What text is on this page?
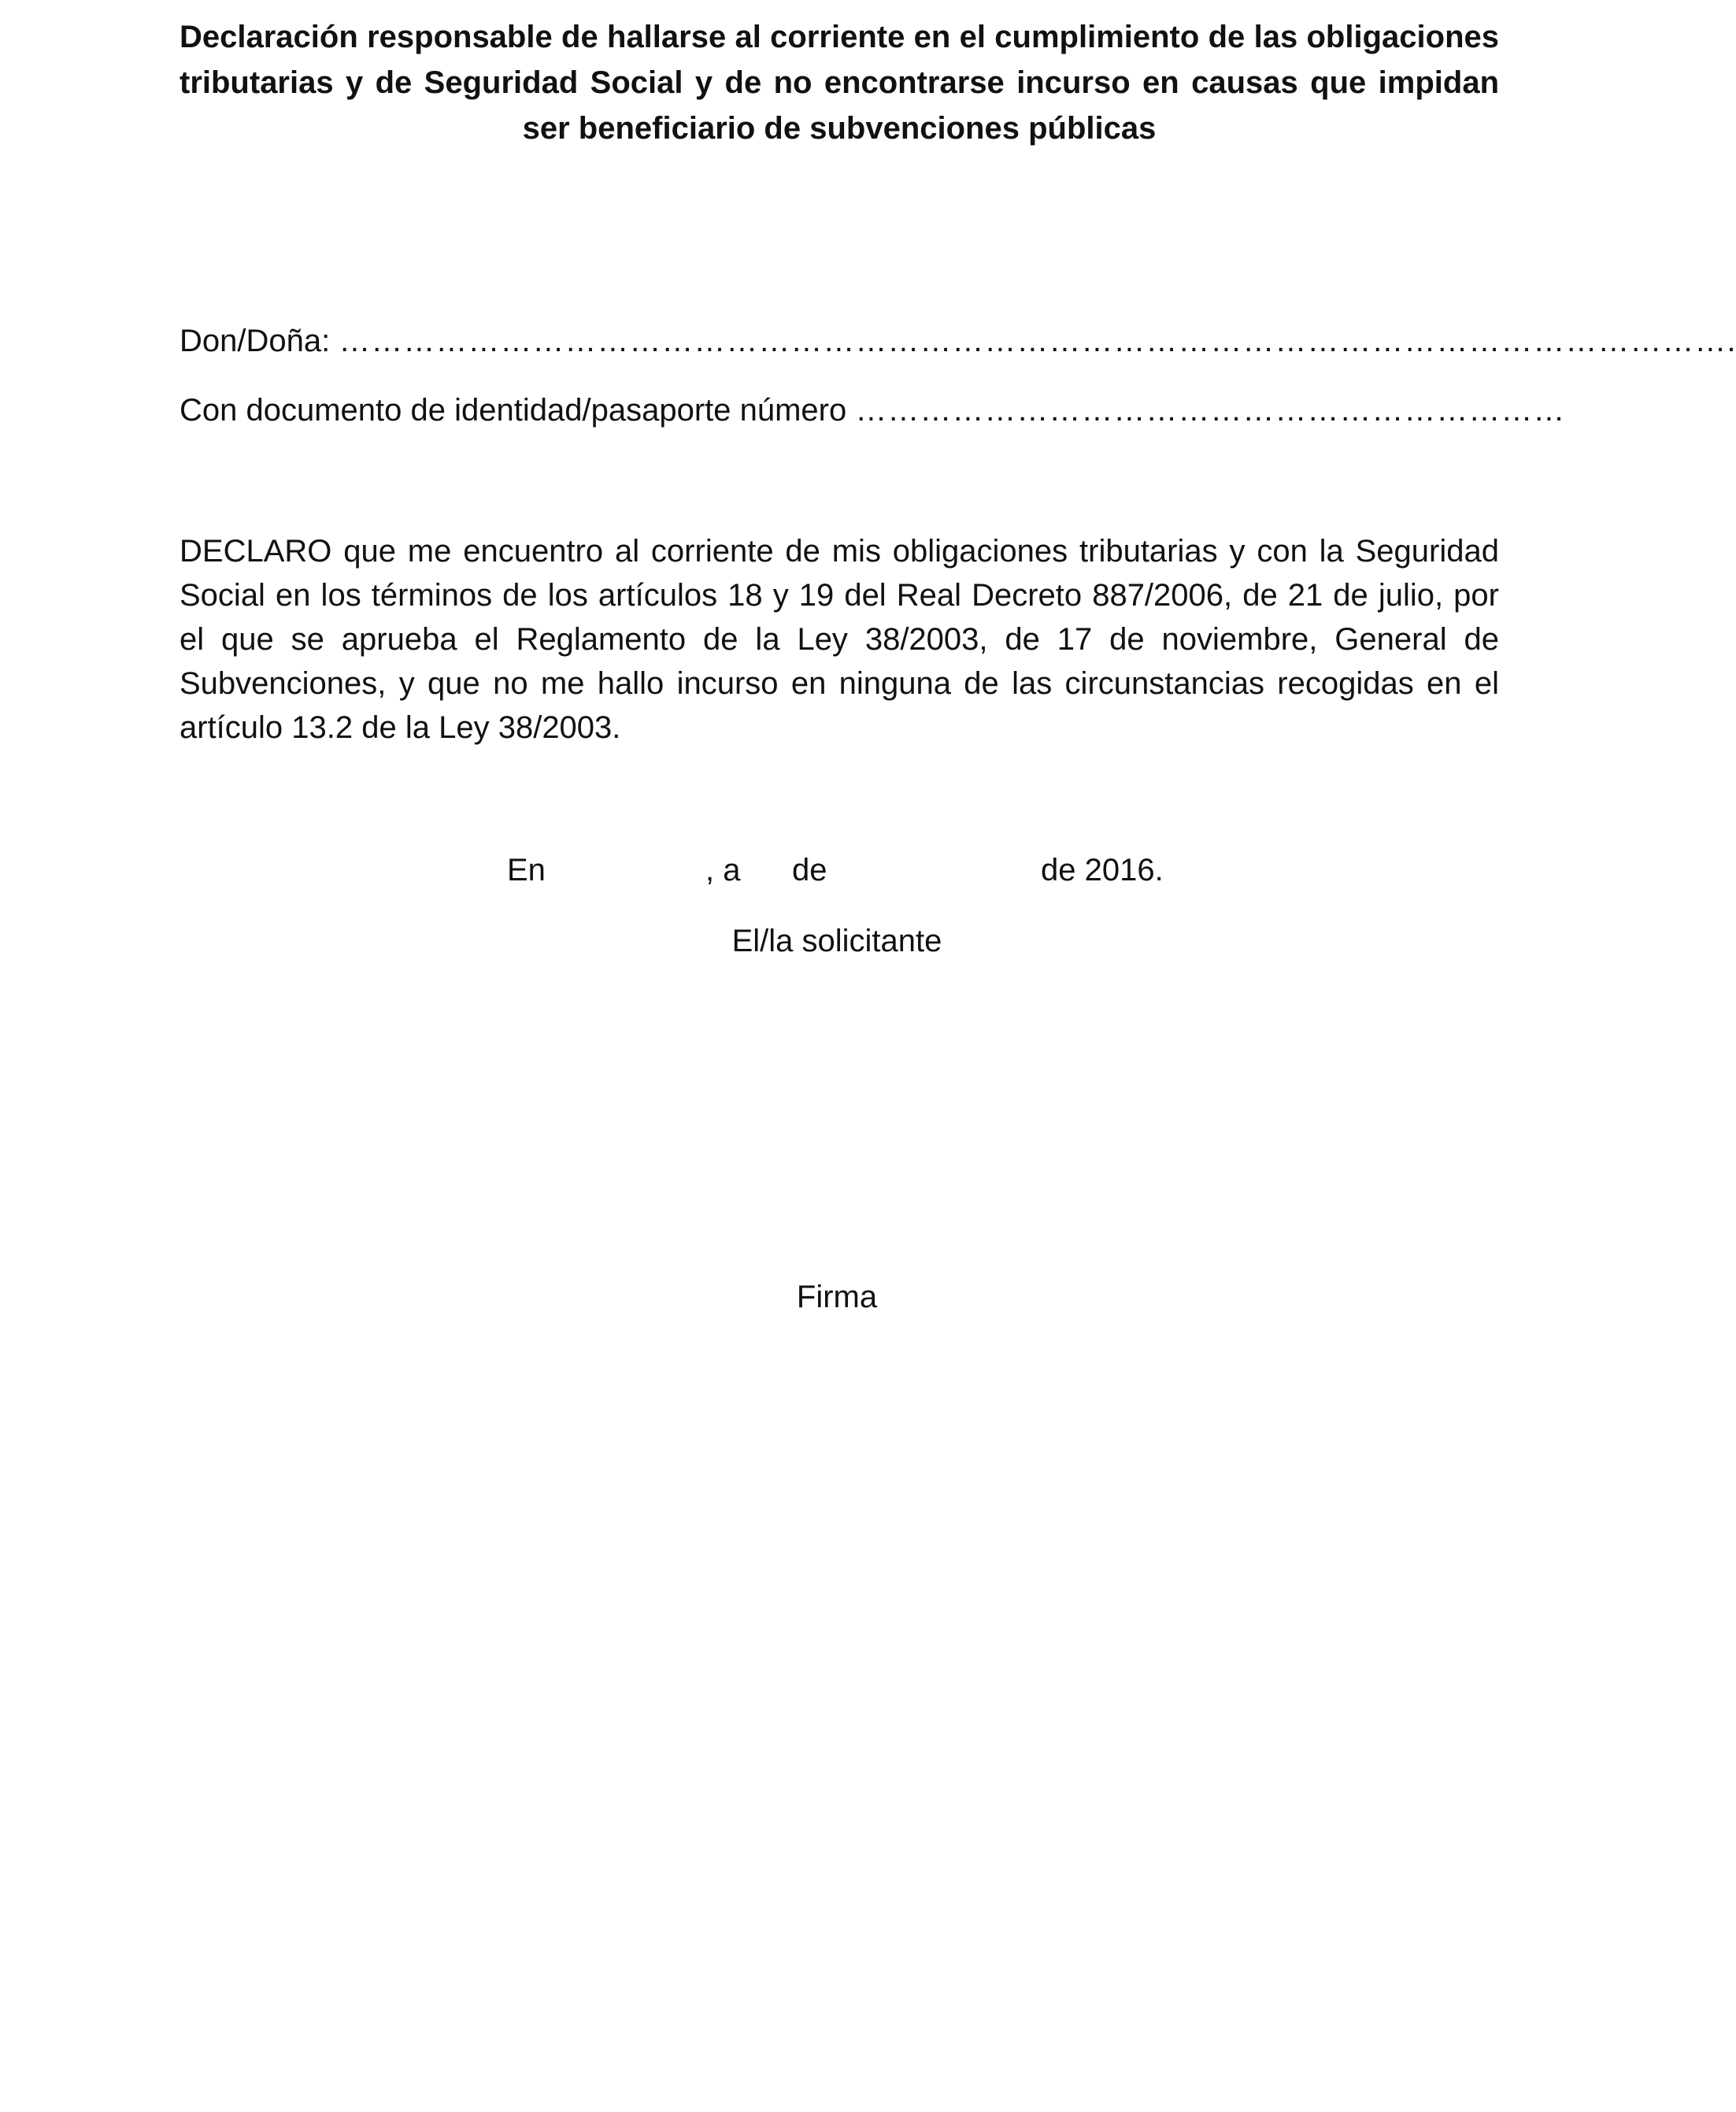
Declaración responsable de hallarse al corriente en el cumplimiento de las obligaciones tributarias y de Seguridad Social y de no encontrarse incurso en causas que impidan ser beneficiario de subvenciones públicas
Don/Doña: ………………………………………………………………………………………………………………….
Con documento de identidad/pasaporte número …………………………………………………………
DECLARO que me encuentro al corriente de mis obligaciones tributarias y con la Seguridad Social en los términos de los artículos 18 y 19 del Real Decreto 887/2006, de 21 de julio, por el que se aprueba el Reglamento de la Ley 38/2003, de 17 de noviembre, General de Subvenciones, y que no me hallo incurso en ninguna de las circunstancias recogidas en el artículo 13.2 de la Ley 38/2003.
En	, a de	de 2016.
El/la solicitante
Firma
